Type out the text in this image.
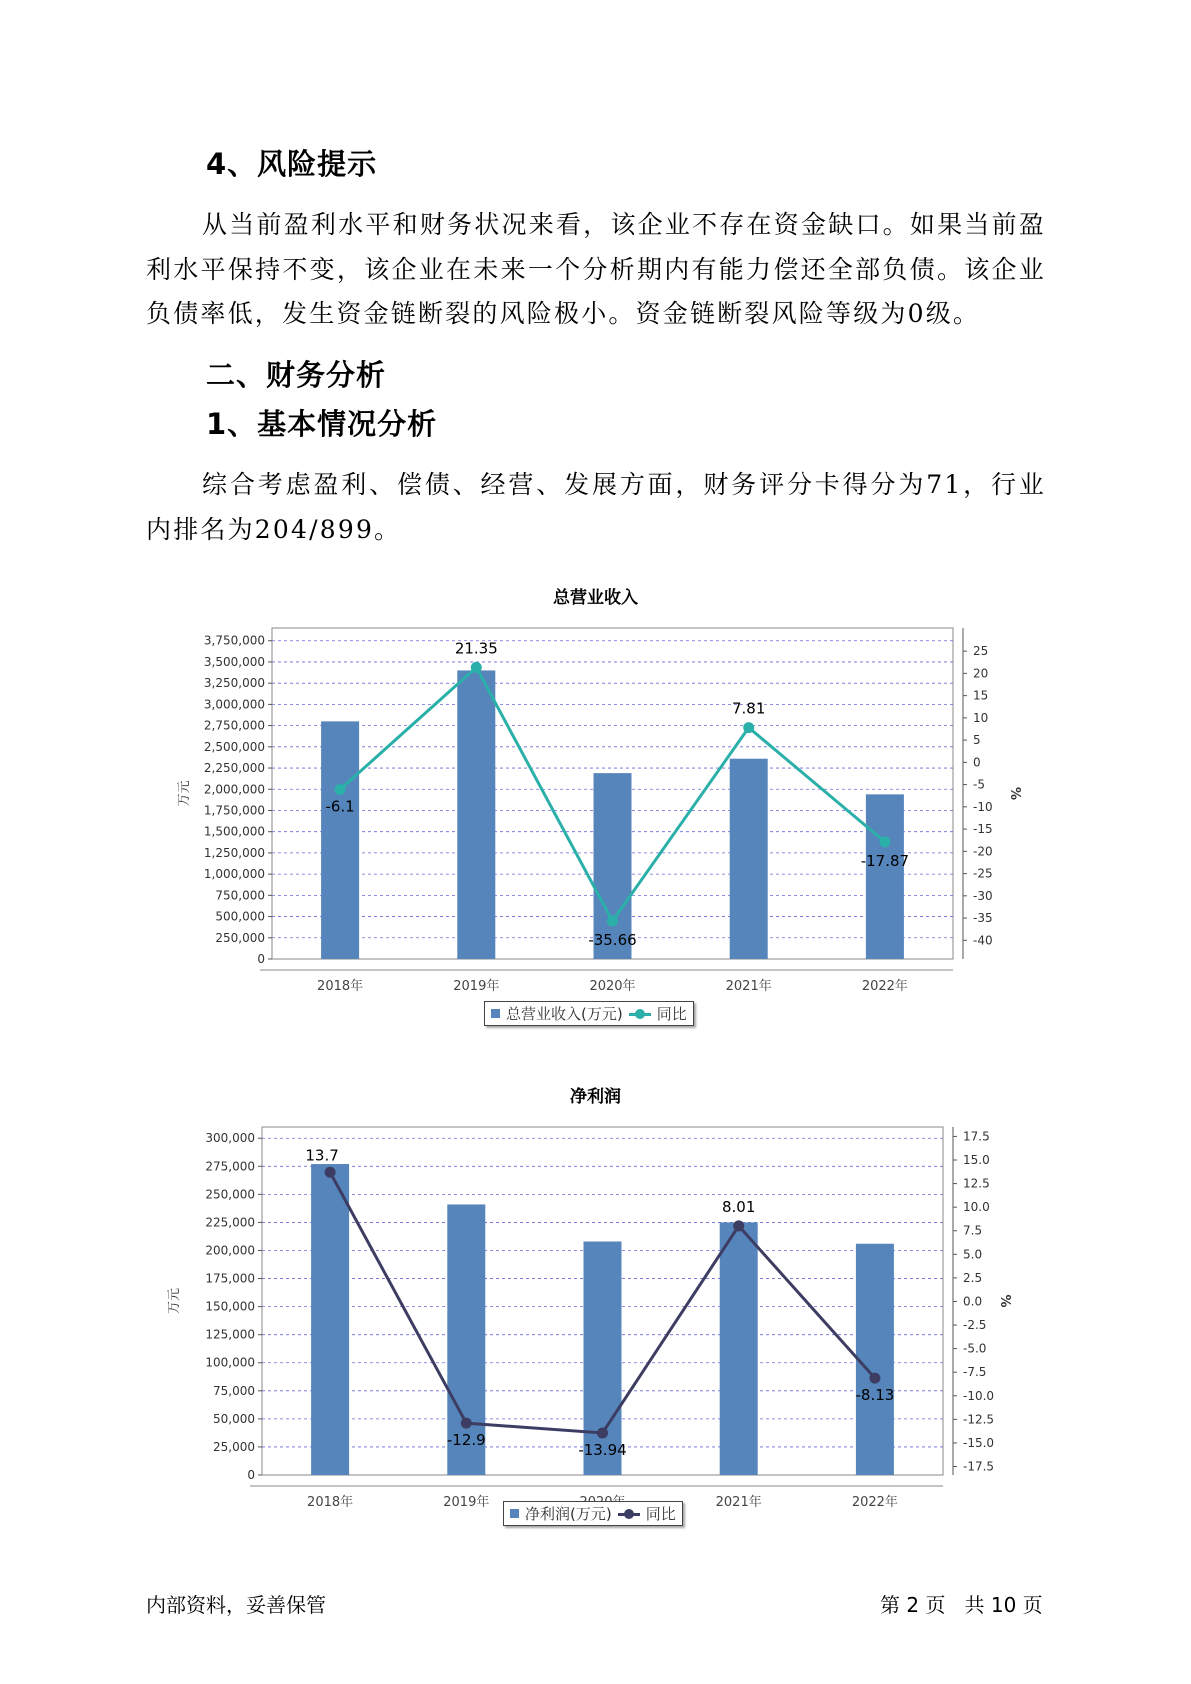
4、风险提示
从当前盈利水平和财务状况来看，该企业不存在资金缺口。如果当前盈利水平保持不变，该企业在未来一个分析期内有能力偿还全部负债。该企业负债率低，发生资金链断裂的风险极小。资金链断裂风险等级为0级。
二、财务分析
1、基本情况分析
综合考虑盈利、偿债、经营、发展方面，财务评分卡得分为71，行业内排名为204/899。
总营业收入
0
250,000
500,000
750,000
1,000,000
1,250,000
1,500,000
1,750,000
2,000,000
2,250,000
2,500,000
2,750,000
3,000,000
3,250,000
3,500,000
3,750,000
-40
-35
-30
-25
-20
-15
-10
-5
0
5
10
15
20
25
2018年	2019年	2020年	2021年	2022年
万元	%
-6.1
21.35
-35.66
7.81
-17.87
总营业收入(万元) 同比
净利润
0
25,000
50,000
75,000
100,000
125,000
150,000
175,000
200,000
225,000
250,000
275,000
300,000
-17.5
-15.0
-12.5
-10.0
-7.5
-5.0
-2.5
0.0
2.5
5.0
7.5
10.0
12.5
15.0
17.5
2018年	2019年	2021年	2022年
万元	%
13.7
-12.9
-13.94
8.01
-8.13
净利润(万元) 同比
内部资料，妥善保管	第 2 页   共 10 页
